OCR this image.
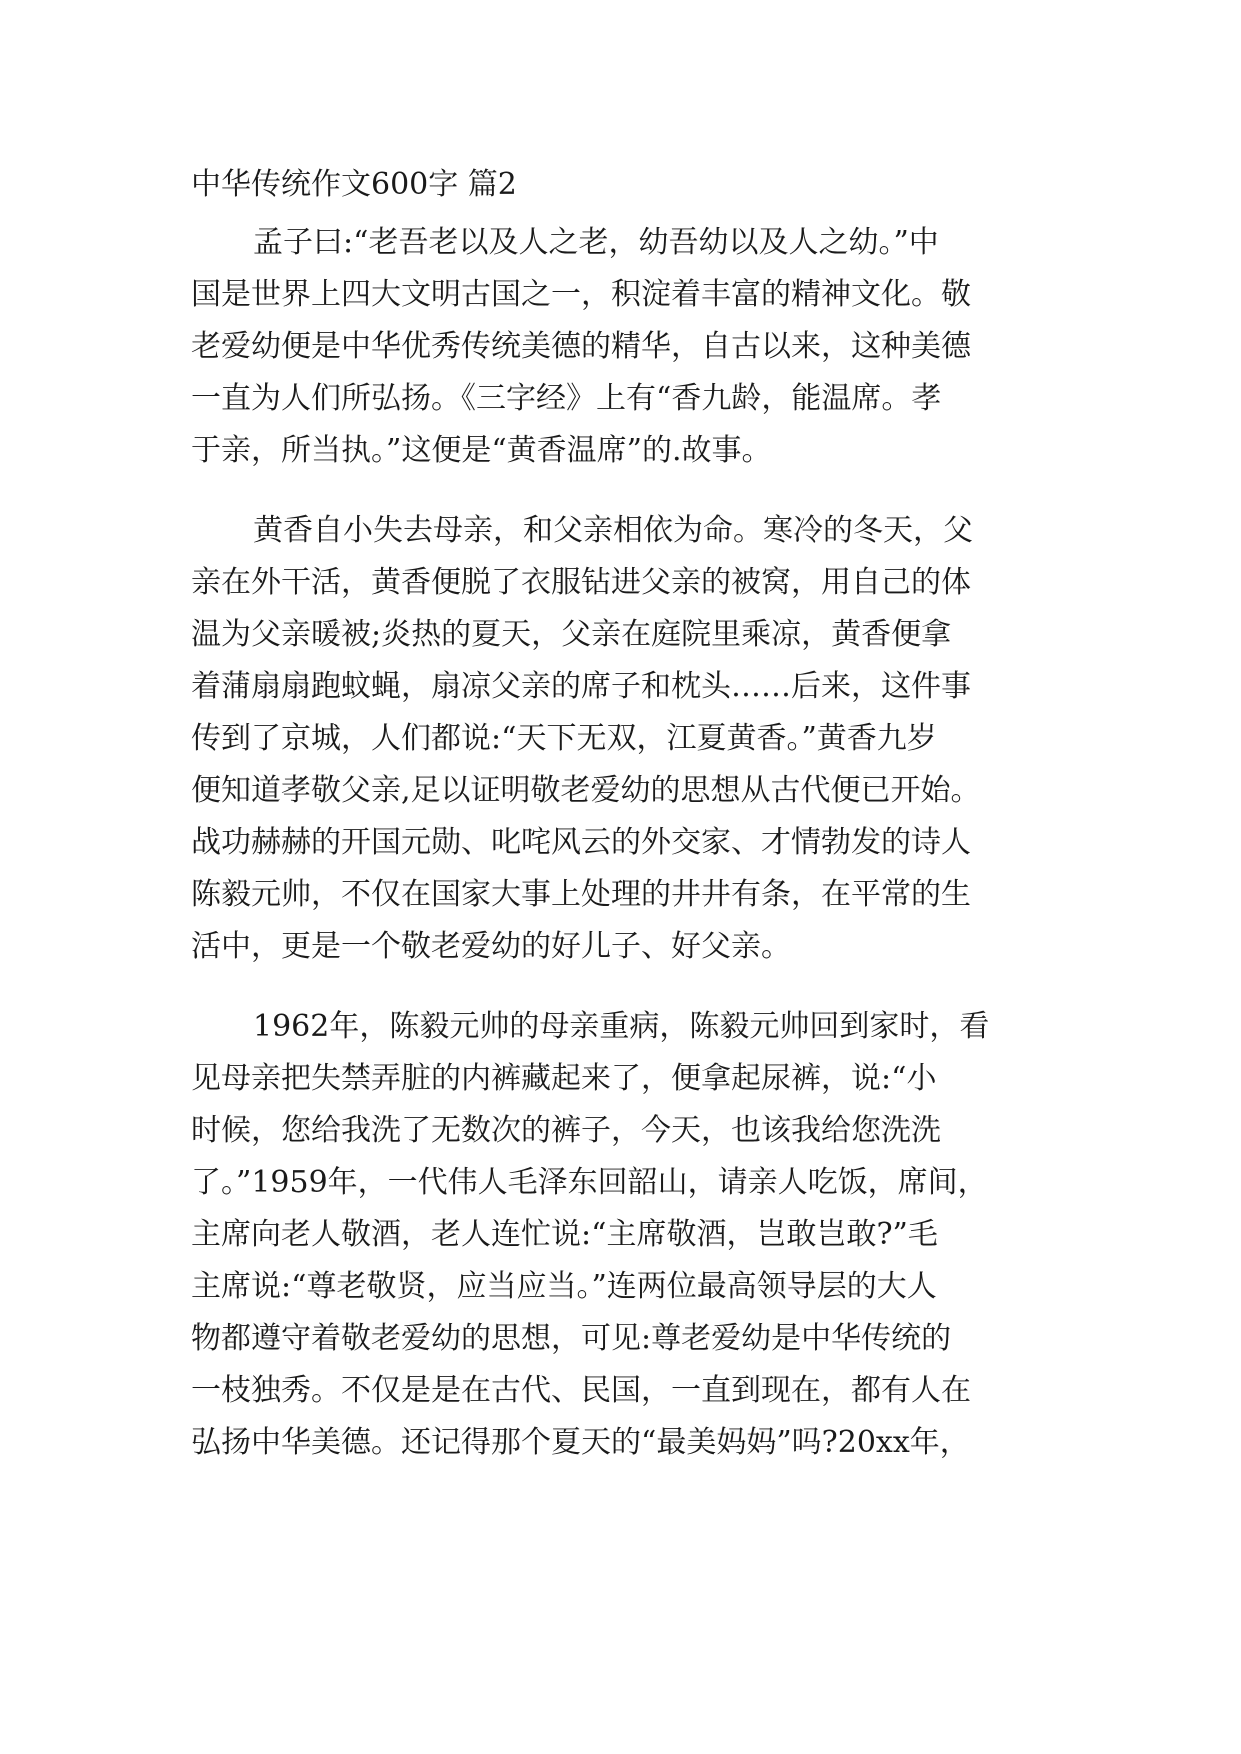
中华传统作文600字 篇2
孟子曰:“老吾老以及人之老，幼吾幼以及人之幼。”中
国是世界上四大文明古国之一，积淀着丰富的精神文化。敬
老爱幼便是中华优秀传统美德的精华，自古以来，这种美德
一直为人们所弘扬。《三字经》上有“香九龄，能温席。孝
于亲，所当执。”这便是“黄香温席”的.故事。
黄香自小失去母亲，和父亲相依为命。寒冷的冬天，父
亲在外干活，黄香便脱了衣服钻进父亲的被窝，用自己的体
温为父亲暖被;炎热的夏天，父亲在庭院里乘凉，黄香便拿
着蒲扇扇跑蚊蝇，扇凉父亲的席子和枕头……后来，这件事
传到了京城，人们都说:“天下无双，江夏黄香。”黄香九岁
便知道孝敬父亲,足以证明敬老爱幼的思想从古代便已开始。
战功赫赫的开国元勋、叱咤风云的外交家、才情勃发的诗人
陈毅元帅，不仅在国家大事上处理的井井有条，在平常的生
活中，更是一个敬老爱幼的好儿子、好父亲。
1962年，陈毅元帅的母亲重病，陈毅元帅回到家时，看
见母亲把失禁弄脏的内裤藏起来了，便拿起尿裤，说:“小
时候，您给我洗了无数次的裤子，今天，也该我给您洗洗
了。”1959年，一代伟人毛泽东回韶山，请亲人吃饭，席间，
主席向老人敬酒，老人连忙说:“主席敬酒，岂敢岂敢?”毛
主席说:“尊老敬贤，应当应当。”连两位最高领导层的大人
物都遵守着敬老爱幼的思想，可见:尊老爱幼是中华传统的
一枝独秀。不仅是是在古代、民国，一直到现在，都有人在
弘扬中华美德。还记得那个夏天的“最美妈妈”吗?20xx年，
